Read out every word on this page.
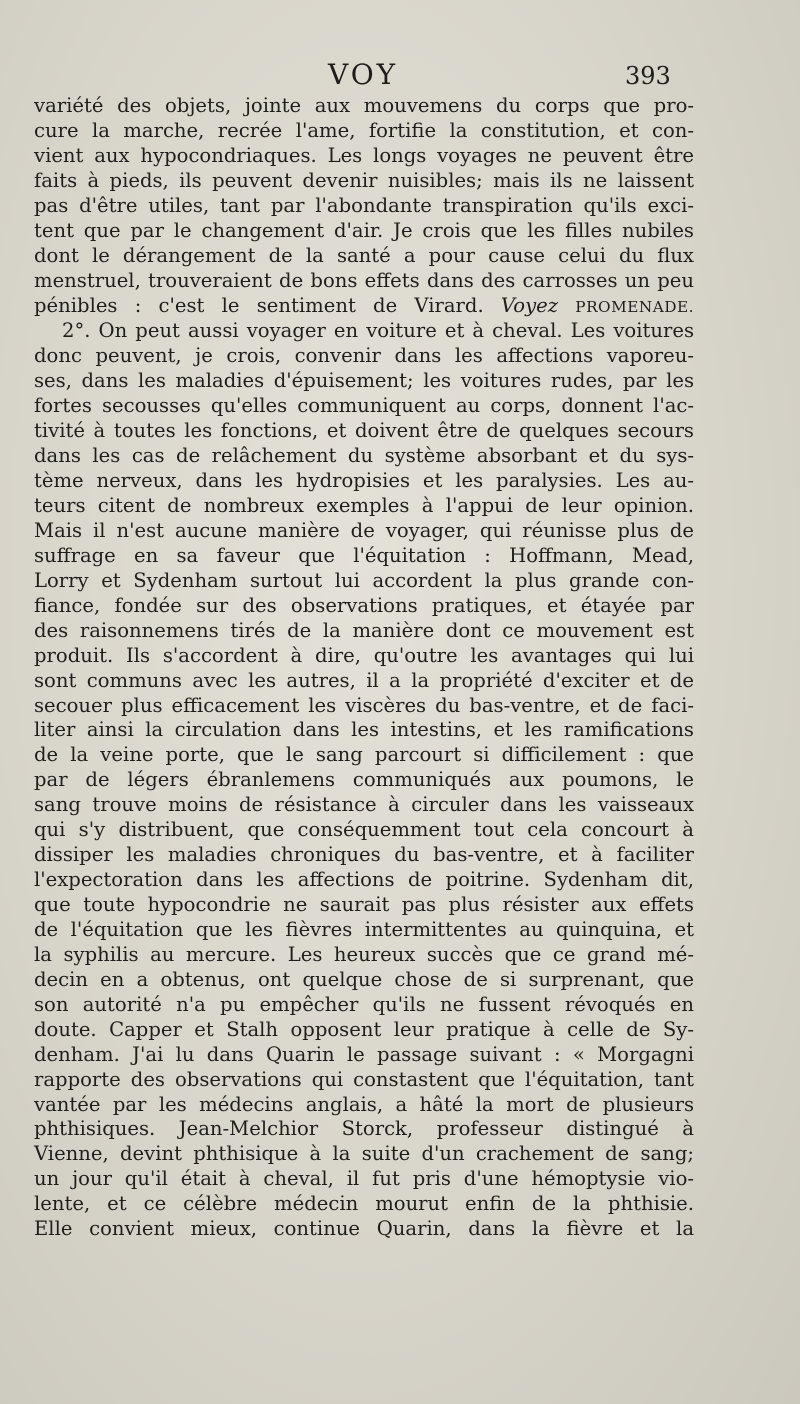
VOY	393
variété des objets, jointe aux mouvemens du corps que pro-
cure la marche, recrée l'ame, fortifie la constitution, et con-
vient aux hypocondriaques. Les longs voyages ne peuvent être
faits à pieds, ils peuvent devenir nuisibles; mais ils ne laissent
pas d'être utiles, tant par l'abondante transpiration qu'ils exci-
tent que par le changement d'air. Je crois que les filles nubiles
dont le dérangement de la santé a pour cause celui du flux
menstruel, trouveraient de bons effets dans des carrosses un peu
pénibles : c'est le sentiment de Virard. Voyez PROMENADE.
2°. On peut aussi voyager en voiture et à cheval. Les voitures
donc peuvent, je crois, convenir dans les affections vaporeu-
ses, dans les maladies d'épuisement; les voitures rudes, par les
fortes secousses qu'elles communiquent au corps, donnent l'ac-
tivité à toutes les fonctions, et doivent être de quelques secours
dans les cas de relâchement du système absorbant et du sys-
tème nerveux, dans les hydropisies et les paralysies. Les au-
teurs citent de nombreux exemples à l'appui de leur opinion.
Mais il n'est aucune manière de voyager, qui réunisse plus de
suffrage en sa faveur que l'équitation : Hoffmann, Mead,
Lorry et Sydenham surtout lui accordent la plus grande con-
fiance, fondée sur des observations pratiques, et étayée par
des raisonnemens tirés de la manière dont ce mouvement est
produit. Ils s'accordent à dire, qu'outre les avantages qui lui
sont communs avec les autres, il a la propriété d'exciter et de
secouer plus efficacement les viscères du bas-ventre, et de faci-
liter ainsi la circulation dans les intestins, et les ramifications
de la veine porte, que le sang parcourt si difficilement : que
par de légers ébranlemens communiqués aux poumons, le
sang trouve moins de résistance à circuler dans les vaisseaux
qui s'y distribuent, que conséquemment tout cela concourt à
dissiper les maladies chroniques du bas-ventre, et à faciliter
l'expectoration dans les affections de poitrine. Sydenham dit,
que toute hypocondrie ne saurait pas plus résister aux effets
de l'équitation que les fièvres intermittentes au quinquina, et
la syphilis au mercure. Les heureux succès que ce grand mé-
decin en a obtenus, ont quelque chose de si surprenant, que
son autorité n'a pu empêcher qu'ils ne fussent révoqués en
doute. Capper et Stalh opposent leur pratique à celle de Sy-
denham. J'ai lu dans Quarin le passage suivant : « Morgagni
rapporte des observations qui constastent que l'équitation, tant
vantée par les médecins anglais, a hâté la mort de plusieurs
phthisiques. Jean-Melchior Storck, professeur distingué à
Vienne, devint phthisique à la suite d'un crachement de sang;
un jour qu'il était à cheval, il fut pris d'une hémoptysie vio-
lente, et ce célèbre médecin mourut enfin de la phthisie.
Elle convient mieux, continue Quarin, dans la fièvre et la
